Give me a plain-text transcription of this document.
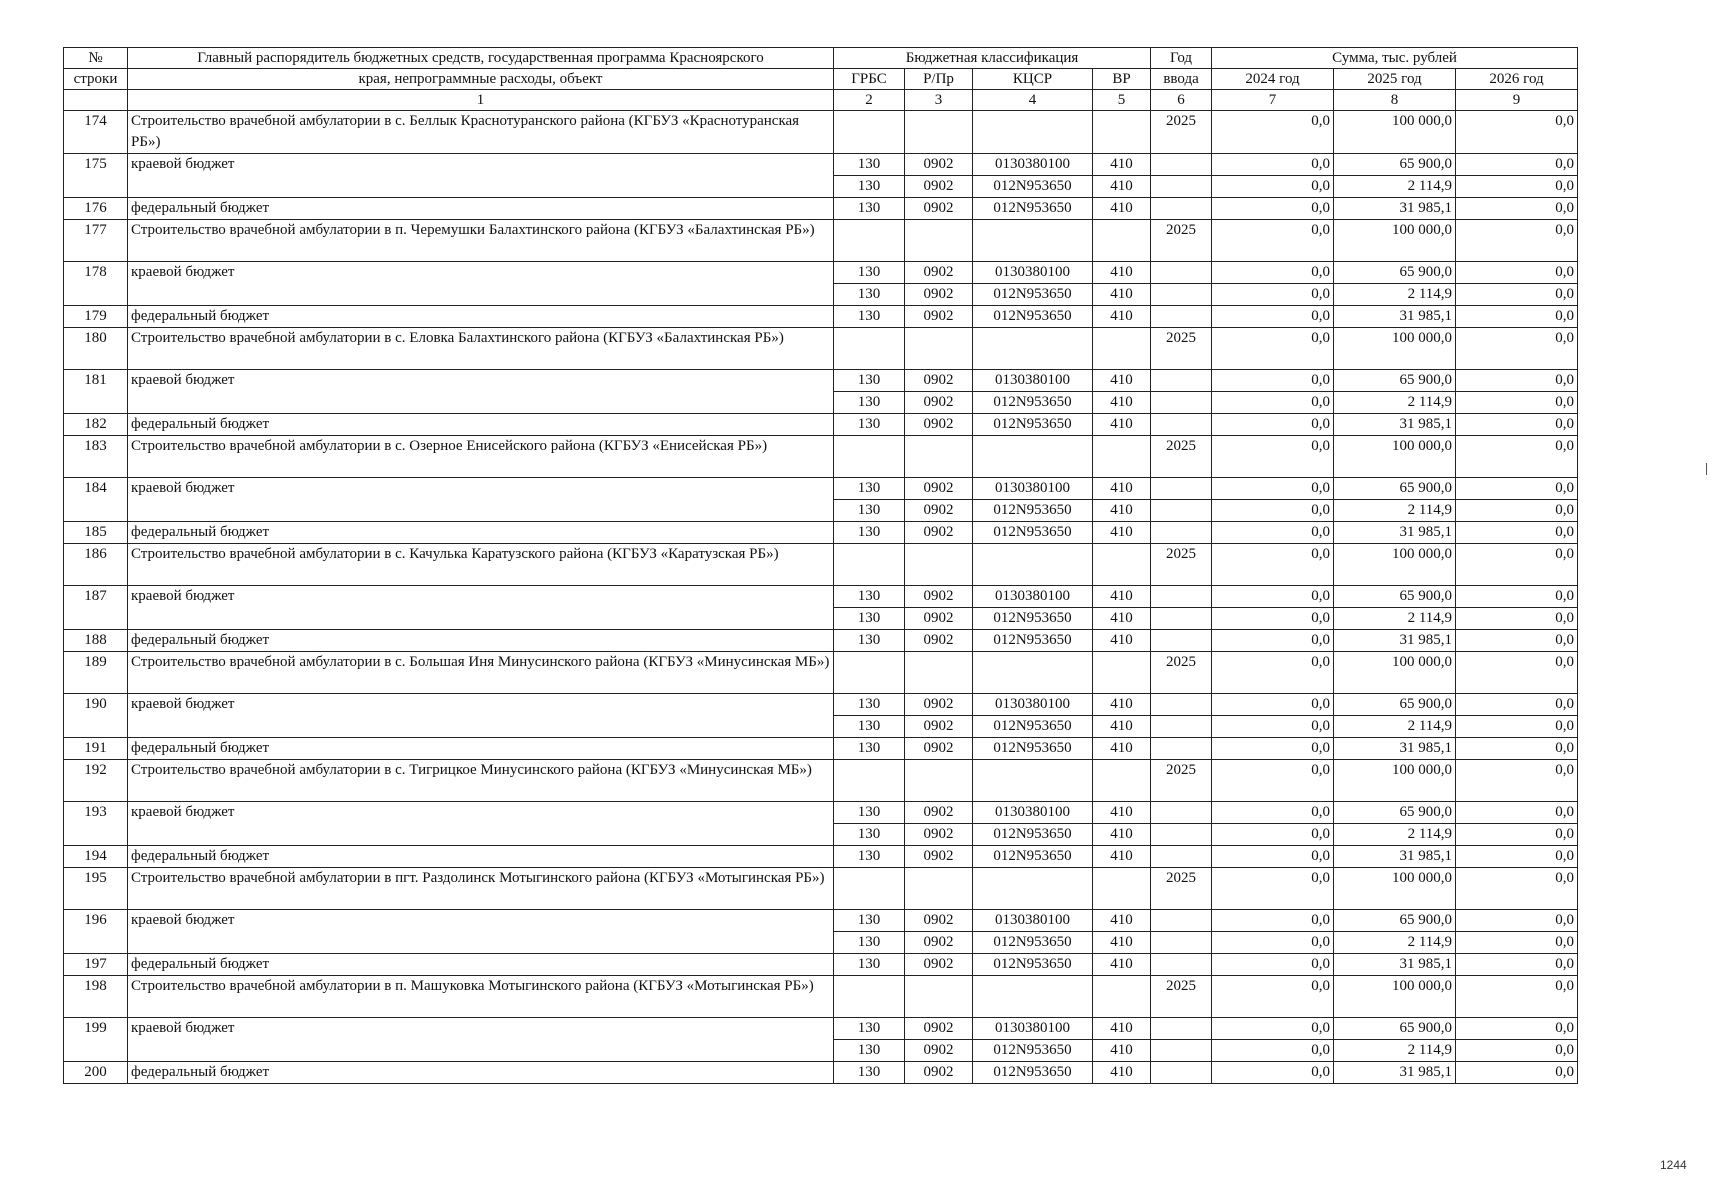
№	Главный распорядитель бюджетных средств, государственная программа Красноярского	Бюджетная классификация				Год	Сумма, тыс. рублей		
строки	края, непрограммные расходы, объект	ГРБС	Р/Пр	КЦСР	ВР	ввода	2024 год	2025 год	2026 год
	1	2	3	4	5	6	7	8	9
174	Строительство врачебной амбулатории в с. Беллык Краснотуранского района (КГБУЗ «Краснотуранская РБ»)					2025	0,0	100 000,0	0,0
175	краевой бюджет	130	0902	0130380100	410		0,0	65 900,0	0,0
		130	0902	012N953650	410		0,0	2 114,9	0,0
176	федеральный бюджет	130	0902	012N953650	410		0,0	31 985,1	0,0
177	Строительство врачебной амбулатории в п. Черемушки Балахтинского района (КГБУЗ «Балахтинская РБ»)					2025	0,0	100 000,0	0,0
178	краевой бюджет	130	0902	0130380100	410		0,0	65 900,0	0,0
		130	0902	012N953650	410		0,0	2 114,9	0,0
179	федеральный бюджет	130	0902	012N953650	410		0,0	31 985,1	0,0
180	Строительство врачебной амбулатории в с. Еловка Балахтинского района (КГБУЗ «Балахтинская РБ»)					2025	0,0	100 000,0	0,0
181	краевой бюджет	130	0902	0130380100	410		0,0	65 900,0	0,0
		130	0902	012N953650	410		0,0	2 114,9	0,0
182	федеральный бюджет	130	0902	012N953650	410		0,0	31 985,1	0,0
183	Строительство врачебной амбулатории в с. Озерное Енисейского района (КГБУЗ «Енисейская РБ»)					2025	0,0	100 000,0	0,0
184	краевой бюджет	130	0902	0130380100	410		0,0	65 900,0	0,0
		130	0902	012N953650	410		0,0	2 114,9	0,0
185	федеральный бюджет	130	0902	012N953650	410		0,0	31 985,1	0,0
186	Строительство врачебной амбулатории в с. Качулька Каратузского района (КГБУЗ «Каратузская РБ»)					2025	0,0	100 000,0	0,0
187	краевой бюджет	130	0902	0130380100	410		0,0	65 900,0	0,0
		130	0902	012N953650	410		0,0	2 114,9	0,0
188	федеральный бюджет	130	0902	012N953650	410		0,0	31 985,1	0,0
189	Строительство врачебной амбулатории в с. Большая Иня Минусинского района (КГБУЗ «Минусинская МБ»)					2025	0,0	100 000,0	0,0
190	краевой бюджет	130	0902	0130380100	410		0,0	65 900,0	0,0
		130	0902	012N953650	410		0,0	2 114,9	0,0
191	федеральный бюджет	130	0902	012N953650	410		0,0	31 985,1	0,0
192	Строительство врачебной амбулатории в с. Тигрицкое Минусинского района (КГБУЗ «Минусинская МБ»)					2025	0,0	100 000,0	0,0
193	краевой бюджет	130	0902	0130380100	410		0,0	65 900,0	0,0
		130	0902	012N953650	410		0,0	2 114,9	0,0
194	федеральный бюджет	130	0902	012N953650	410		0,0	31 985,1	0,0
195	Строительство врачебной амбулатории в пгт. Раздолинск Мотыгинского района (КГБУЗ «Мотыгинская РБ»)					2025	0,0	100 000,0	0,0
196	краевой бюджет	130	0902	0130380100	410		0,0	65 900,0	0,0
		130	0902	012N953650	410		0,0	2 114,9	0,0
197	федеральный бюджет	130	0902	012N953650	410		0,0	31 985,1	0,0
198	Строительство врачебной амбулатории в п. Машуковка Мотыгинского района (КГБУЗ «Мотыгинская РБ»)					2025	0,0	100 000,0	0,0
199	краевой бюджет	130	0902	0130380100	410		0,0	65 900,0	0,0
		130	0902	012N953650	410		0,0	2 114,9	0,0
200	федеральный бюджет	130	0902	012N953650	410		0,0	31 985,1	0,0
1244
